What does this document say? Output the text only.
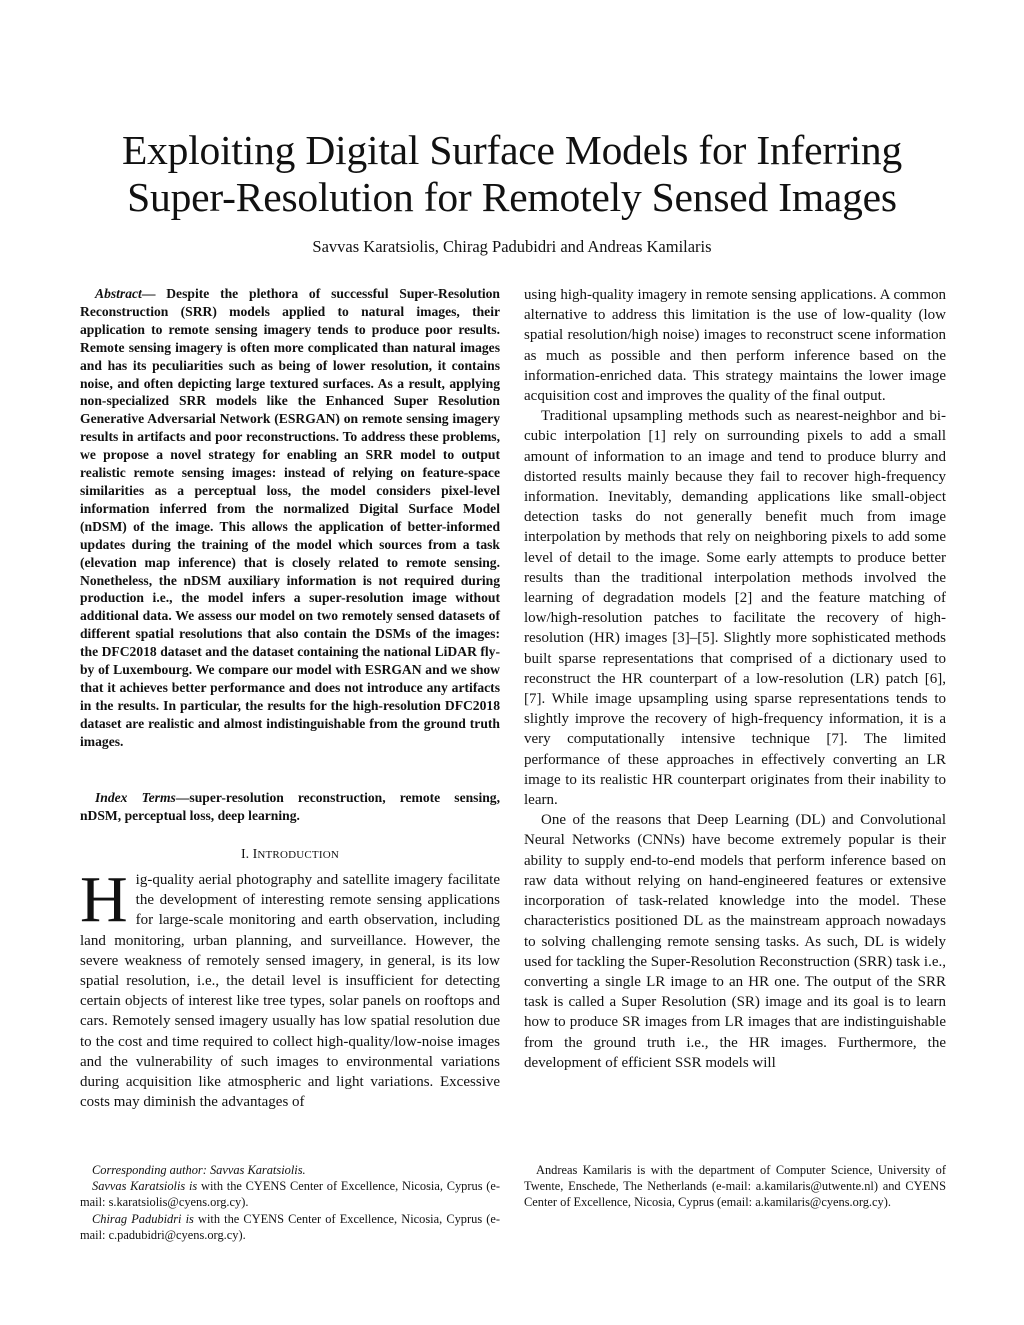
Exploiting Digital Surface Models for Inferring
Super-Resolution for Remotely Sensed Images
Savvas Karatsiolis, Chirag Padubidri and Andreas Kamilaris

Abstract— Despite the plethora of successful Super-Resolution Reconstruction (SRR) models applied to natural images, their application to remote sensing imagery tends to produce poor results. Remote sensing imagery is often more complicated than natural images and has its peculiarities such as being of lower resolution, it contains noise, and often depicting large textured surfaces. As a result, applying non-specialized SRR models like the Enhanced Super Resolution Generative Adversarial Network (ESRGAN) on remote sensing imagery results in artifacts and poor reconstructions. To address these problems, we propose a novel strategy for enabling an SRR model to output realistic remote sensing images: instead of relying on feature-space similarities as a perceptual loss, the model considers pixel-level information inferred from the normalized Digital Surface Model (nDSM) of the image. This allows the application of better-informed updates during the training of the model which sources from a task (elevation map inference) that is closely related to remote sensing. Nonetheless, the nDSM auxiliary information is not required during production i.e., the model infers a super-resolution image without additional data. We assess our model on two remotely sensed datasets of different spatial resolutions that also contain the DSMs of the images: the DFC2018 dataset and the dataset containing the national LiDAR fly-by of Luxembourg. We compare our model with ESRGAN and we show that it achieves better performance and does not introduce any artifacts in the results. In particular, the results for the high-resolution DFC2018 dataset are realistic and almost indistinguishable from the ground truth images.

Index Terms—super-resolution reconstruction, remote sensing, nDSM, perceptual loss, deep learning.

I. INTRODUCTION

Hig-quality aerial photography and satellite imagery facilitate the development of interesting remote sensing applications for large-scale monitoring and earth observation, including land monitoring, urban planning, and surveillance. However, the severe weakness of remotely sensed imagery, in general, is its low spatial resolution, i.e., the detail level is insufficient for detecting certain objects of interest like tree types, solar panels on rooftops and cars. Remotely sensed imagery usually has low spatial resolution due to the cost and time required to collect high-quality/low-noise images and the vulnerability of such images to environmental variations during acquisition like atmospheric and light variations. Excessive costs may diminish the advantages of

using high-quality imagery in remote sensing applications. A common alternative to address this limitation is the use of low-quality (low spatial resolution/high noise) images to reconstruct scene information as much as possible and then perform inference based on the information-enriched data. This strategy maintains the lower image acquisition cost and improves the quality of the final output.

Traditional upsampling methods such as nearest-neighbor and bi-cubic interpolation [1] rely on surrounding pixels to add a small amount of information to an image and tend to produce blurry and distorted results mainly because they fail to recover high-frequency information. Inevitably, demanding applications like small-object detection tasks do not generally benefit much from image interpolation by methods that rely on neighboring pixels to add some level of detail to the image. Some early attempts to produce better results than the traditional interpolation methods involved the learning of degradation models [2] and the feature matching of low/high-resolution patches to facilitate the recovery of high-resolution (HR) images [3]–[5]. Slightly more sophisticated methods built sparse representations that comprised of a dictionary used to reconstruct the HR counterpart of a low-resolution (LR) patch [6], [7]. While image upsampling using sparse representations tends to slightly improve the recovery of high-frequency information, it is a very computationally intensive technique [7]. The limited performance of these approaches in effectively converting an LR image to its realistic HR counterpart originates from their inability to learn.

One of the reasons that Deep Learning (DL) and Convolutional Neural Networks (CNNs) have become extremely popular is their ability to supply end-to-end models that perform inference based on raw data without relying on hand-engineered features or extensive incorporation of task-related knowledge into the model. These characteristics positioned DL as the mainstream approach nowadays to solving challenging remote sensing tasks. As such, DL is widely used for tackling the Super-Resolution Reconstruction (SRR) task i.e., converting a single LR image to an HR one. The output of the SRR task is called a Super Resolution (SR) image and its goal is to learn how to produce SR images from LR images that are indistinguishable from the ground truth i.e., the HR images. Furthermore, the development of efficient SSR models will

Corresponding author: Savvas Karatsiolis.

Savvas Karatsiolis is with the CYENS Center of Excellence, Nicosia, Cyprus (e-mail: s.karatsiolis@cyens.org.cy).

Chirag Padubidri is with the CYENS Center of Excellence, Nicosia, Cyprus (e-mail: c.padubidri@cyens.org.cy).

Andreas Kamilaris is with the department of Computer Science, University of Twente, Enschede, The Netherlands (e-mail: a.kamilaris@utwente.nl) and CYENS Center of Excellence, Nicosia, Cyprus (email: a.kamilaris@cyens.org.cy).
